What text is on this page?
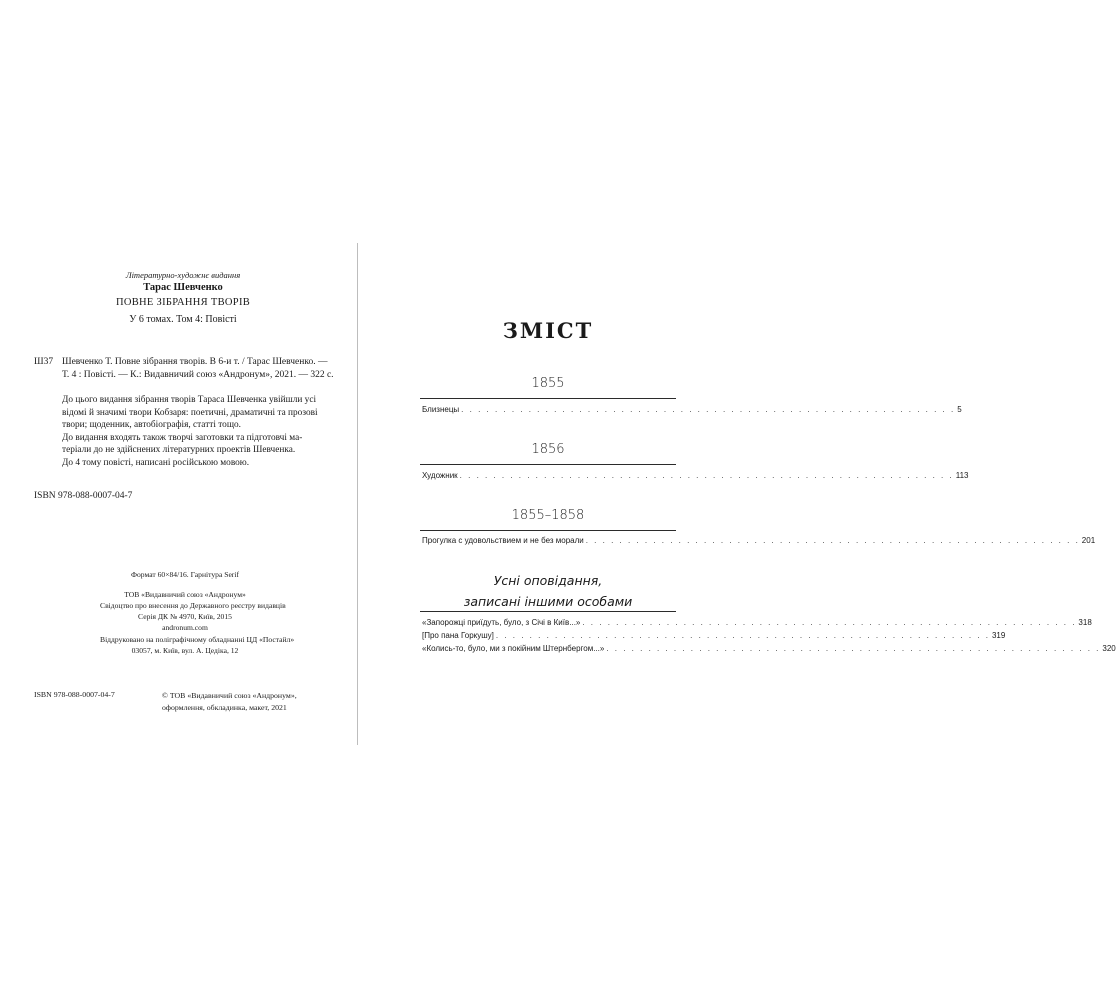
Літературно-художнє видання
Тарас Шевченко
ПОВНЕ ЗІБРАННЯ ТВОРІВ
У 6 томах. Том 4: Повісті
Ш37 Шевченко Т. Повне зібрання творів. В 6-и т. / Тарас Шевченко. —
Т. 4 : Повісті. — К.: Видавничий союз «Андронум», 2021. — 322 с.
До цього видання зібрання творів Тараса Шевченка увійшли усі
відомі й значимі твори Кобзаря: поетичні, драматичні та прозові
твори; щоденник, автобіографія, статті тощо.
До видання входять також творчі заготовки та підготовчі ма-
теріали до не здійснених літературних проектів Шевченка.
До 4 тому повісті, написані російською мовою.
ISBN 978-088-0007-04-7
Формат 60×84/16. Гарнітура Serif
ТОВ «Видавничий союз «Андронум»
Свідоцтво про внесення до Державного реєстру видавців
Серія ДК № 4970, Київ, 2015
andronum.com
Віддруковано на поліграфічному обладнанні ЦД «Постайл»
03057, м. Київ, вул. А. Цедіка, 12
ISBN 978-088-0007-04-7	© ТОВ «Видавничий союз «Андронум»,
оформлення, обкладинка, макет, 2021
ЗМІСТ
1855
Близнецы . . . . . . . . . . . . . . . . . . . . . . . . . . . . . . . . . . . . . . . . . . . . . . . . . . . . . . . . . . . 5
1856
Художник . . . . . . . . . . . . . . . . . . . . . . . . . . . . . . . . . . . . . . . . . . . . . . . . . . . . . . . . . . . 113
1855–1858
Прогулка с удовольствием и не без морали . . . . . . . . . . . . . . . . . . . . . . . . . . . . . . . . . . . . . . . . . . . . . . . . . . . . . . . . . . . 201
Усні оповідання,
записані іншими особами
«Запорожці приїдуть, було, з Січі в Київ...» . . . . . . . . . . . . . . . . . . . . . . . . . . . . . . . . . . . . . . . . . . . . . . . . . . . . . . . . . . . 318
[Про пана Горкушу] . . . . . . . . . . . . . . . . . . . . . . . . . . . . . . . . . . . . . . . . . . . . . . . . . . . . . . . . . . . 319
«Колись-то, було, ми з покійним Штернбергом...» . . . . . . . . . . . . . . . . . . . . . . . . . . . . . . . . . . . . . . . . . . . . . . . . . . . . . . . . . . . 320
